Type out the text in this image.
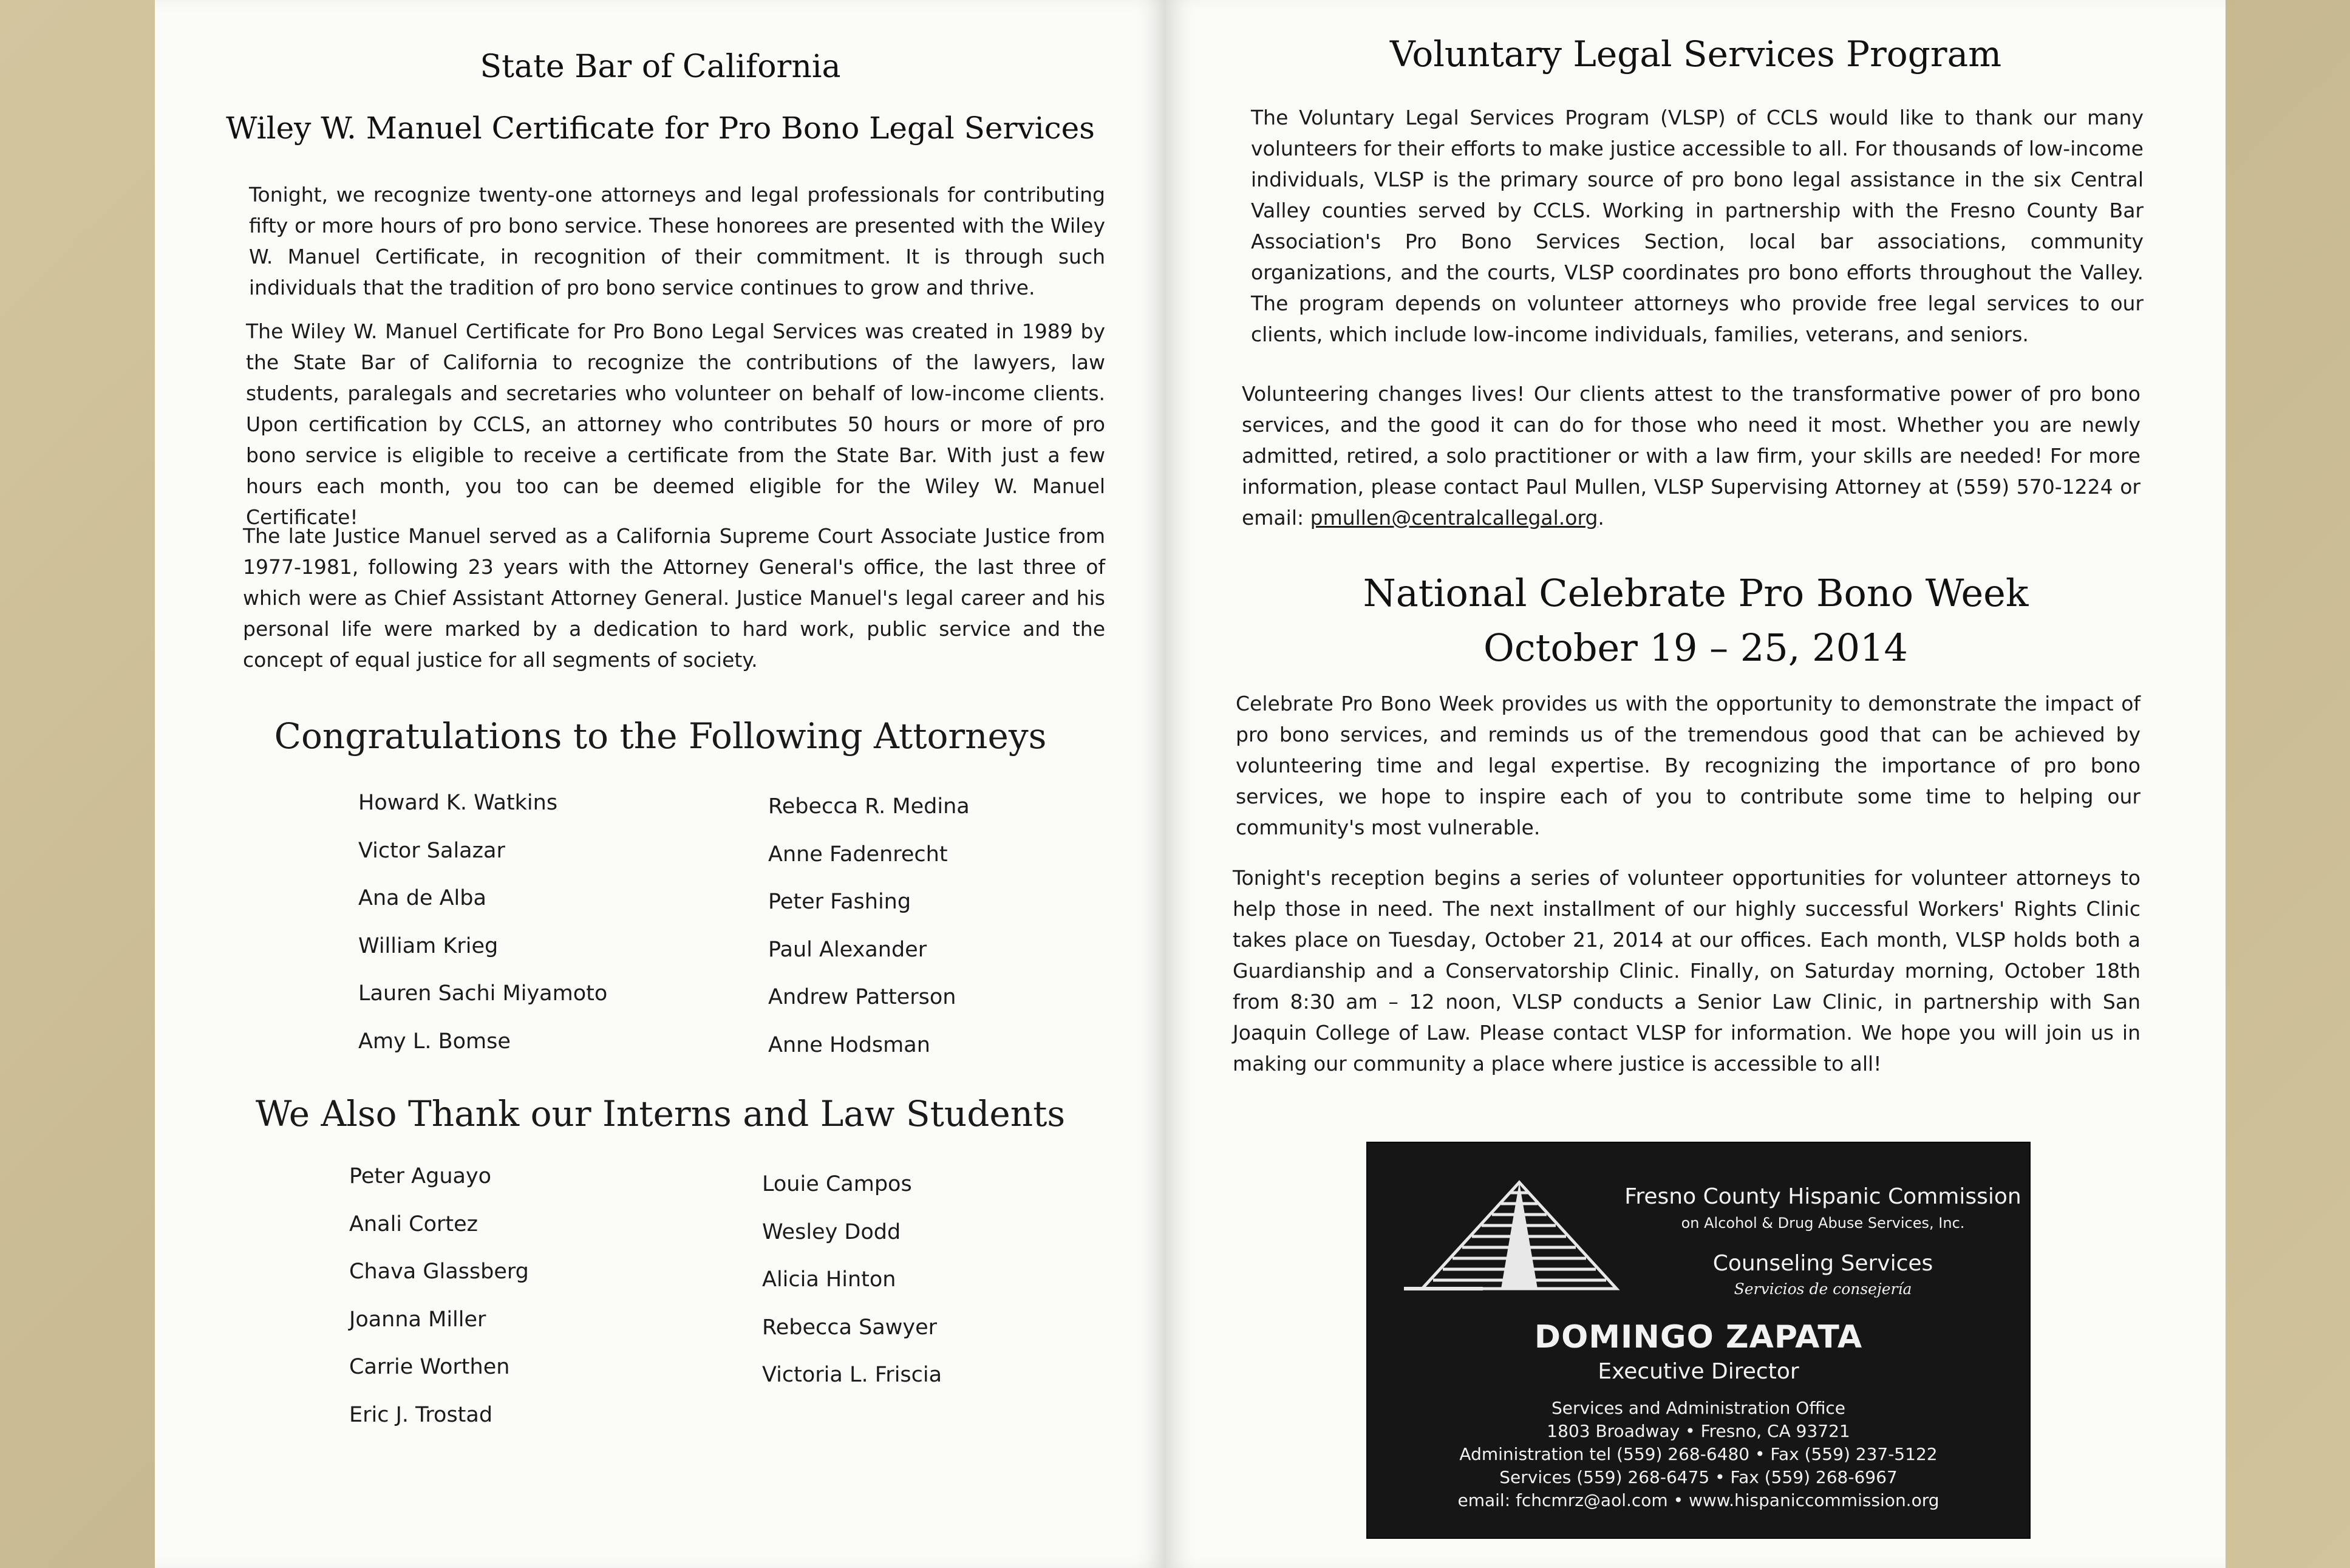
State Bar of California
Wiley W. Manuel Certificate for Pro Bono Legal Services

Tonight, we recognize twenty-one attorneys and legal professionals for contributing fifty or more hours of pro bono service. These honorees are presented with the Wiley W. Manuel Certificate, in recognition of their commitment. It is through such individuals that the tradition of pro bono service continues to grow and thrive.

The Wiley W. Manuel Certificate for Pro Bono Legal Services was created in 1989 by the State Bar of California to recognize the contributions of the lawyers, law students, paralegals and secretaries who volunteer on behalf of low-income clients. Upon certification by CCLS, an attorney who contributes 50 hours or more of pro bono service is eligible to receive a certificate from the State Bar. With just a few hours each month, you too can be deemed eligible for the Wiley W. Manuel Certificate!

The late Justice Manuel served as a California Supreme Court Associate Justice from 1977-1981, following 23 years with the Attorney General's office, the last three of which were as Chief Assistant Attorney General. Justice Manuel's legal career and his personal life were marked by a dedication to hard work, public service and the concept of equal justice for all segments of society.

Congratulations to the Following Attorneys
Howard K. Watkins
Victor Salazar
Ana de Alba
William Krieg
Lauren Sachi Miyamoto
Amy L. Bomse
Rebecca R. Medina
Anne Fadenrecht
Peter Fashing
Paul Alexander
Andrew Patterson
Anne Hodsman
We Also Thank our Interns and Law Students
Peter Aguayo
Anali Cortez
Chava Glassberg
Joanna Miller
Carrie Worthen
Eric J. Trostad
Louie Campos
Wesley Dodd
Alicia Hinton
Rebecca Sawyer
Victoria L. Friscia
Voluntary Legal Services Program

The Voluntary Legal Services Program (VLSP) of CCLS would like to thank our many volunteers for their efforts to make justice accessible to all. For thousands of low-income individuals, VLSP is the primary source of pro bono legal assistance in the six Central Valley counties served by CCLS. Working in partnership with the Fresno County Bar Association's Pro Bono Services Section, local bar associations, community organizations, and the courts, VLSP coordinates pro bono efforts throughout the Valley. The program depends on volunteer attorneys who provide free legal services to our clients, which include low-income individuals, families, veterans, and seniors.

Volunteering changes lives! Our clients attest to the transformative power of pro bono services, and the good it can do for those who need it most. Whether you are newly admitted, retired, a solo practitioner or with a law firm, your skills are needed! For more information, please contact Paul Mullen, VLSP Supervising Attorney at (559) 570-1224 or email: pmullen@centralcallegal.org.

National Celebrate Pro Bono Week
October 19 – 25, 2014

Celebrate Pro Bono Week provides us with the opportunity to demonstrate the impact of pro bono services, and reminds us of the tremendous good that can be achieved by volunteering time and legal expertise. By recognizing the importance of pro bono services, we hope to inspire each of you to contribute some time to helping our community's most vulnerable.

Tonight's reception begins a series of volunteer opportunities for volunteer attorneys to help those in need. The next installment of our highly successful Workers' Rights Clinic takes place on Tuesday, October 21, 2014 at our offices. Each month, VLSP holds both a Guardianship and a Conservatorship Clinic. Finally, on Saturday morning, October 18th from 8:30 am – 12 noon, VLSP conducts a Senior Law Clinic, in partnership with San Joaquin College of Law. Please contact VLSP for information. We hope you will join us in making our community a place where justice is accessible to all!

Fresno County Hispanic Commission
on Alcohol & Drug Abuse Services, Inc.
Counseling Services
Servicios de consejería
DOMINGO ZAPATA
Executive Director
Services and Administration Office
1803 Broadway • Fresno, CA 93721
Administration tel (559) 268-6480 • Fax (559) 237-5122
Services (559) 268-6475 • Fax (559) 268-6967
email: fchcmrz@aol.com • www.hispaniccommission.org
